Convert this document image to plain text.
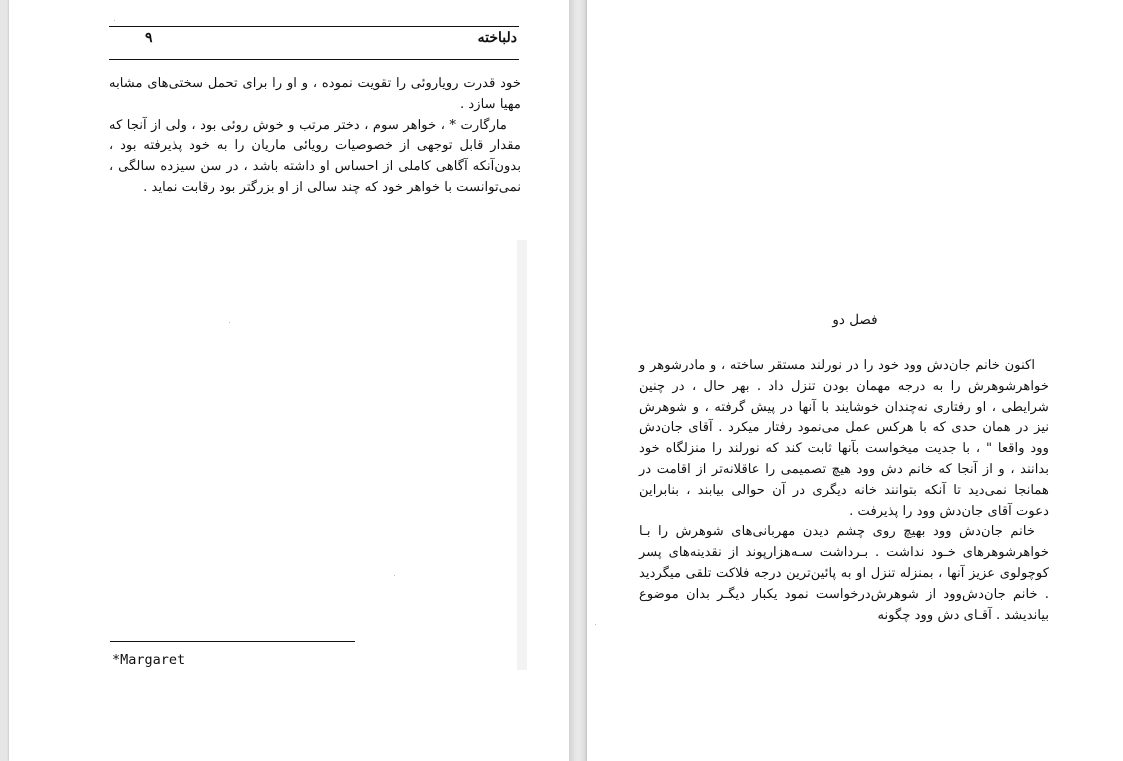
دلباخته
۹

خود قدرت رویاروئی را تقویت نموده ، و او را برای تحمل سختی‌های مشابه مهیا سازد .

مارگارت * ، خواهر سوم ، دختر مرتب و خوش روئی بود ، ولی از آنجا که مقدار قابل توجهی از خصوصیات رویائی ماریان را به خود پذیرفته بود ، بدون‌آنکه آگاهی کاملی از احساس او داشته باشد ، در سن سیزده سالگی ، نمی‌توانست با خواهر خود که چند سالی از او بزرگتر بود رقابت نماید .

*Margaret
فصل دو

اکنون خانم جان‌دش وود خود را در نورلند مستقر ساخته ، و مادرشوهر و خواهرشوهرش را به درجه مهمان بودن تنزل داد . بهر حال ، در چنین شرایطی ، او رفتاری نه‌چندان خوشایند با آنها در پیش گرفته ، و شوهرش نیز در همان حدی که با هرکس عمل می‌نمود رفتار میکرد . آقای جان‌دش وود واقعا " ، با جدیت میخواست بآنها ثابت کند که نورلند را منزلگاه خود بدانند ، و از آنجا که خانم دش وود هیچ تصمیمی را عاقلانه‌تر از اقامت در همانجا نمی‌دید تا آنکه بتوانند خانه دیگری در آن حوالی بیابند ، بنابراین دعوت آقای جان‌دش وود را پذیرفت .

خانم جان‌دش وود بهیچ روی چشم دیدن مهربانی‌های شوهرش را بـا خواهرشوهرهای خـود نداشت . بـرداشت سـه‌هزارپوند از نقدینه‌های پسر کوچولوی عزیز آنها ، بمنزله تنزل او به پائین‌ترین درجه فلاکت تلقی میگردید . خانم جان‌دش‌وود از شوهرش‌درخواست نمود یکبار دیگـر بدان موضوع بیاندیشد . آقـای دش وود چگونه
